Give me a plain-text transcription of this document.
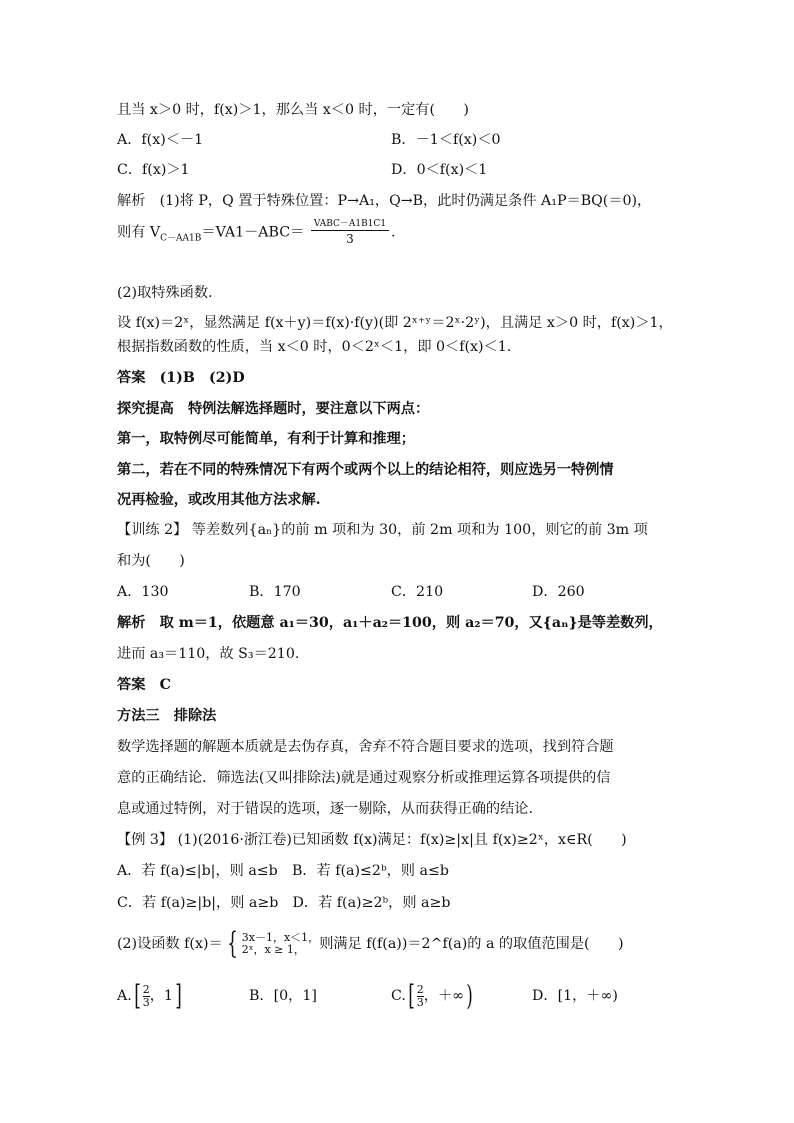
且当 x＞0 时，f(x)＞1，那么当 x＜0 时，一定有(　　)
A．f(x)＜－1	B．－1＜f(x)＜0
C．f(x)＞1	D．0＜f(x)＜1
解析　(1)将 P，Q 置于特殊位置：P→A₁，Q→B，此时仍满足条件 A₁P＝BQ(＝0)，
则有 $V_{C-AA1B}=VA1-ABC= \frac{\text{VABC－A1B1C1}}{3}$ .
(2)取特殊函数.
设 f(x)＝2ˣ，显然满足 f(x＋y)＝f(x)·f(y)(即 2ˣ⁺ʸ＝2ˣ·2ʸ)，且满足 x＞0 时，f(x)＞1，
根据指数函数的性质，当 x＜0 时，0＜2ˣ＜1，即 0＜f(x)＜1.
答案　(1)B　(2)D
探究提高　特例法解选择题时，要注意以下两点：
第一，取特例尽可能简单，有利于计算和推理；
第二，若在不同的特殊情况下有两个或两个以上的结论相符，则应选另一特例情
况再检验，或改用其他方法求解.
【训练 2】 等差数列{aₙ}的前 m 项和为 30，前 2m 项和为 100，则它的前 3m 项
和为(　　)
A．130	B．170	C．210	D．260
解析　取 m＝1，依题意 a₁＝30，a₁＋a₂＝100，则 a₂＝70，又{aₙ}是等差数列，
进而 a₃＝110，故 S₃＝210.
答案　C
方法三　排除法
数学选择题的解题本质就是去伪存真，舍弃不符合题目要求的选项，找到符合题
意的正确结论．筛选法(又叫排除法)就是通过观察分析或推理运算各项提供的信
息或通过特例，对于错误的选项，逐一剔除，从而获得正确的结论.
【例 3】 (1)(2016·浙江卷)已知函数 f(x)满足：f(x)≥|x|且 f(x)≥2ˣ，x∈R(　　)
A．若 f(a)≤|b|，则 a≤b　B．若 f(a)≤2ᵇ，则 a≤b
C．若 f(a)≥|b|，则 a≥b　D．若 f(a)≥2ᵇ，则 a≥b
(2)设函数 f(x)＝ { 3x－1，x＜1，
2ˣ，x ≥ 1，	则满足 f(f(a))＝2^f(a)的 a 的取值范围是(　　)
$A.[ \frac{2}{3}$ ，1]	B．[0，1]	$C.[ \frac{2}{3}$ ，＋∞)	D．[1，＋∞)
